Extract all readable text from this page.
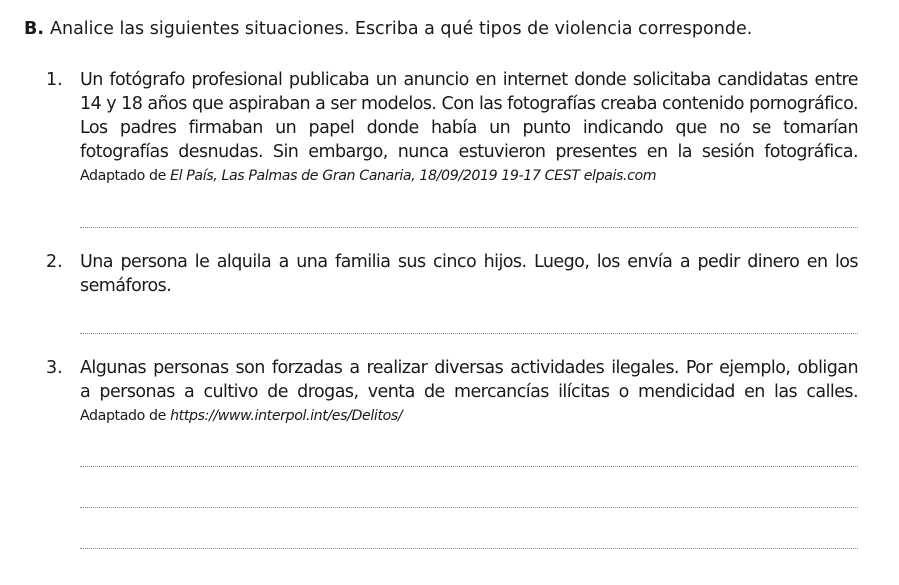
B. Analice las siguientes situaciones. Escriba a qué tipos de violencia corresponde.
1. Un fotógrafo profesional publicaba un anuncio en internet donde solicitaba candidatas entre
14 y 18 años que aspiraban a ser modelos. Con las fotografías creaba contenido pornográfico.
Los padres firmaban un papel donde había un punto indicando que no se tomarían
fotografías desnudas. Sin embargo, nunca estuvieron presentes en la sesión fotográfica.
Adaptado de El País, Las Palmas de Gran Canaria, 18/09/2019 19-17 CEST elpais.com
2. Una persona le alquila a una familia sus cinco hijos. Luego, los envía a pedir dinero en los
semáforos.
3. Algunas personas son forzadas a realizar diversas actividades ilegales. Por ejemplo, obligan
a personas a cultivo de drogas, venta de mercancías ilícitas o mendicidad en las calles.
Adaptado de https://www.interpol.int/es/Delitos/
